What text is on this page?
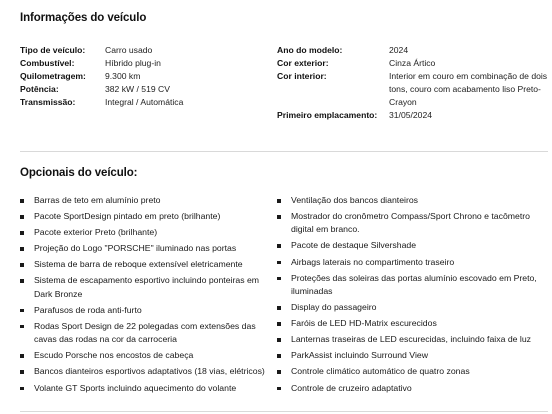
Informações do veículo
Tipo de veículo:	Carro usado
Combustível:	Híbrido plug-in
Quilometragem:	9.300 km
Potência:	382 kW / 519 CV
Transmissão:	Integral / Automática
Ano do modelo:	2024
Cor exterior:	Cinza Ártico
Cor interior:	Interior em couro em combinação de dois tons, couro com acabamento liso Preto-Crayon
Primeiro emplacamento:	31/05/2024
Opcionais do veículo:
Barras de teto em alumínio preto
Pacote SportDesign pintado em preto (brilhante)
Pacote exterior Preto (brilhante)
Projeção do Logo "PORSCHE" iluminado nas portas
Sistema de barra de reboque extensível eletricamente
Sistema de escapamento esportivo incluindo ponteiras em Dark Bronze
Parafusos de roda anti-furto
Rodas Sport Design de 22 polegadas com extensões das cavas das rodas na cor da carroceria
Escudo Porsche nos encostos de cabeça
Bancos dianteiros esportivos adaptativos (18 vias, elétricos)
Volante GT Sports incluindo aquecimento do volante
Ventilação dos bancos dianteiros
Mostrador do cronômetro Compass/Sport Chrono e tacômetro digital em branco.
Pacote de destaque Silvershade
Airbags laterais no compartimento traseiro
Proteções das soleiras das portas alumínio escovado em Preto, iluminadas
Display do passageiro
Faróis de LED HD-Matrix escurecidos
Lanternas traseiras de LED escurecidas, incluindo faixa de luz
ParkAssist incluindo Surround View
Controle climático automático de quatro zonas
Controle de cruzeiro adaptativo
